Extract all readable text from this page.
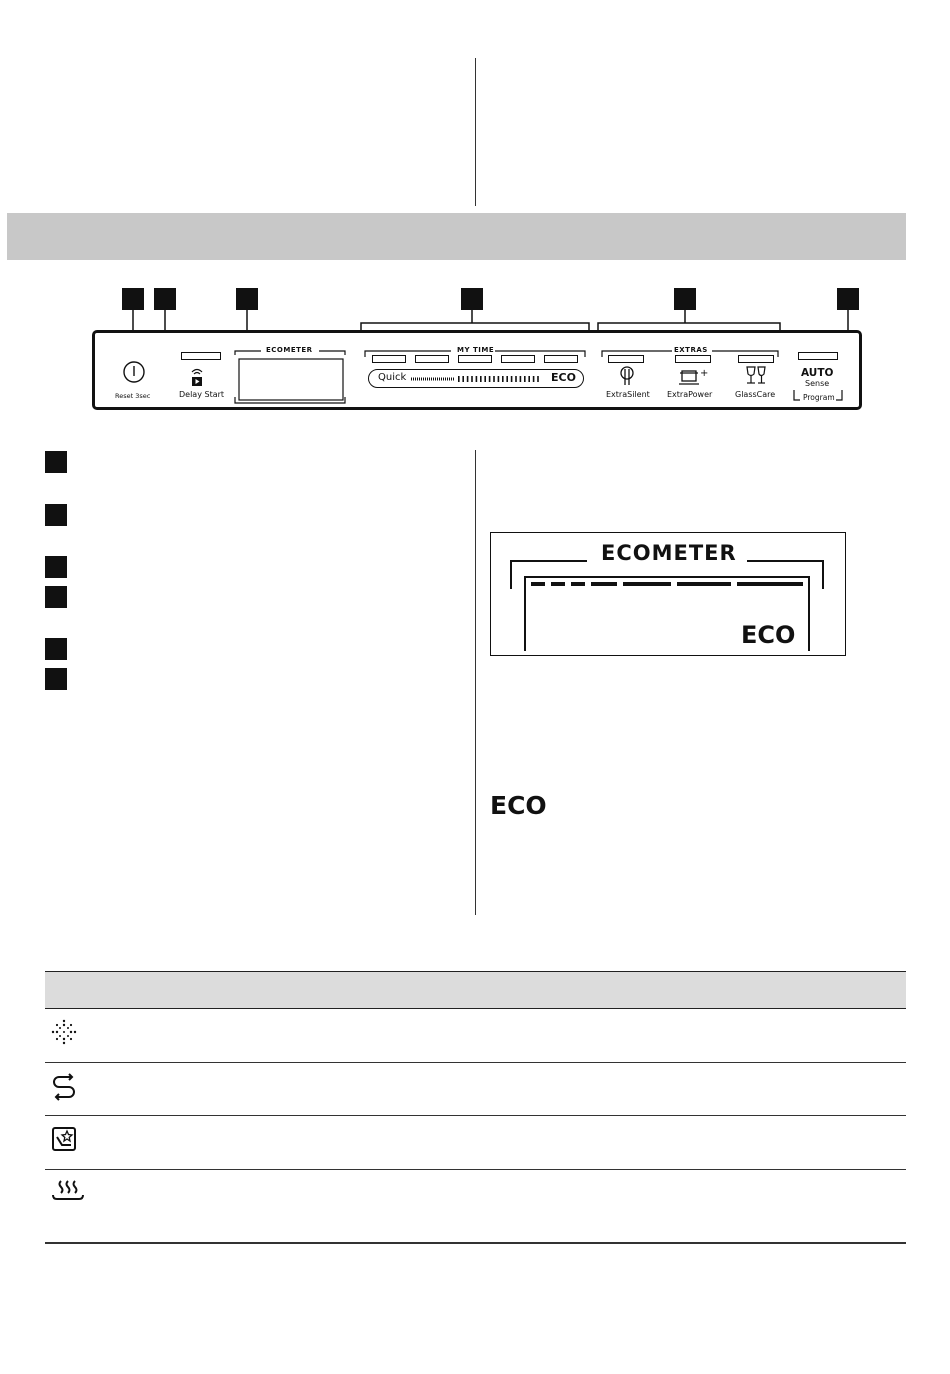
Reset 3sec	Delay Start
ECOMETER	MY TIME
Quick	ECO
EXTRAS
ExtraSilent
+
ExtraPower	GlassCare
AUTO
Sense
Program
ECOMETER
ECO
ECO
